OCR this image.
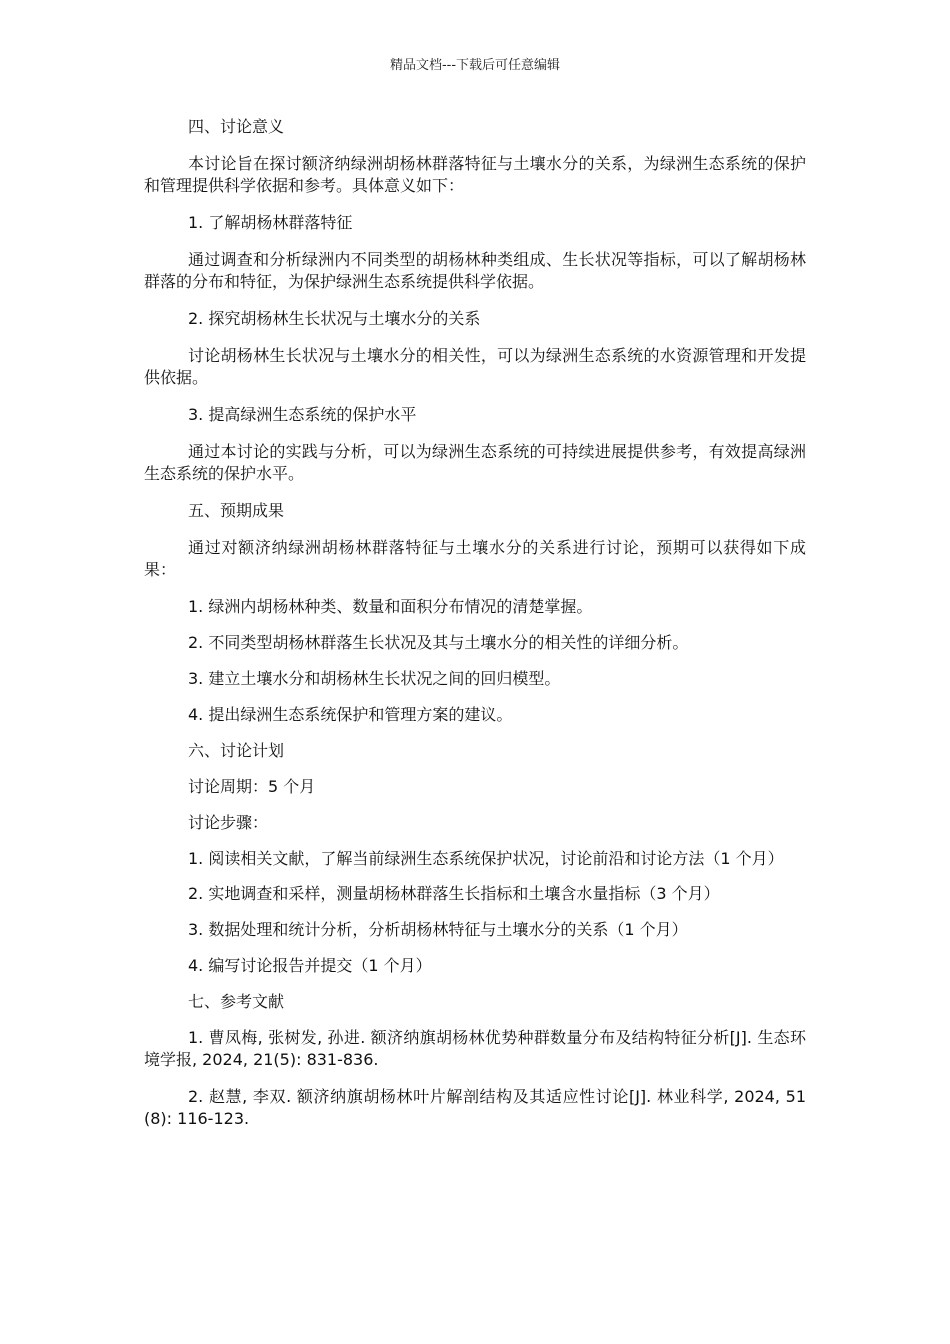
精品文档---下载后可任意编辑

四、讨论意义

本讨论旨在探讨额济纳绿洲胡杨林群落特征与土壤水分的关系，为绿洲生态系统的保护和管理提供科学依据和参考。具体意义如下：

1. 了解胡杨林群落特征

通过调查和分析绿洲内不同类型的胡杨林种类组成、生长状况等指标，可以了解胡杨林群落的分布和特征，为保护绿洲生态系统提供科学依据。

2. 探究胡杨林生长状况与土壤水分的关系

讨论胡杨林生长状况与土壤水分的相关性，可以为绿洲生态系统的水资源管理和开发提供依据。

3. 提高绿洲生态系统的保护水平

通过本讨论的实践与分析，可以为绿洲生态系统的可持续进展提供参考，有效提高绿洲生态系统的保护水平。

五、预期成果

通过对额济纳绿洲胡杨林群落特征与土壤水分的关系进行讨论，预期可以获得如下成果：

1. 绿洲内胡杨林种类、数量和面积分布情况的清楚掌握。

2. 不同类型胡杨林群落生长状况及其与土壤水分的相关性的详细分析。

3. 建立土壤水分和胡杨林生长状况之间的回归模型。

4. 提出绿洲生态系统保护和管理方案的建议。

六、讨论计划

讨论周期：5 个月

讨论步骤：

1. 阅读相关文献，了解当前绿洲生态系统保护状况，讨论前沿和讨论方法（1 个月）

2. 实地调查和采样，测量胡杨林群落生长指标和土壤含水量指标（3 个月）

3. 数据处理和统计分析，分析胡杨林特征与土壤水分的关系（1 个月）

4. 编写讨论报告并提交（1 个月）

七、参考文献

1. 曹凤梅, 张树发, 孙进. 额济纳旗胡杨林优势种群数量分布及结构特征分析[J]. 生态环境学报, 2024, 21(5): 831-836.

2. 赵慧, 李双. 额济纳旗胡杨林叶片解剖结构及其适应性讨论[J]. 林业科学, 2024, 51(8): 116-123.
